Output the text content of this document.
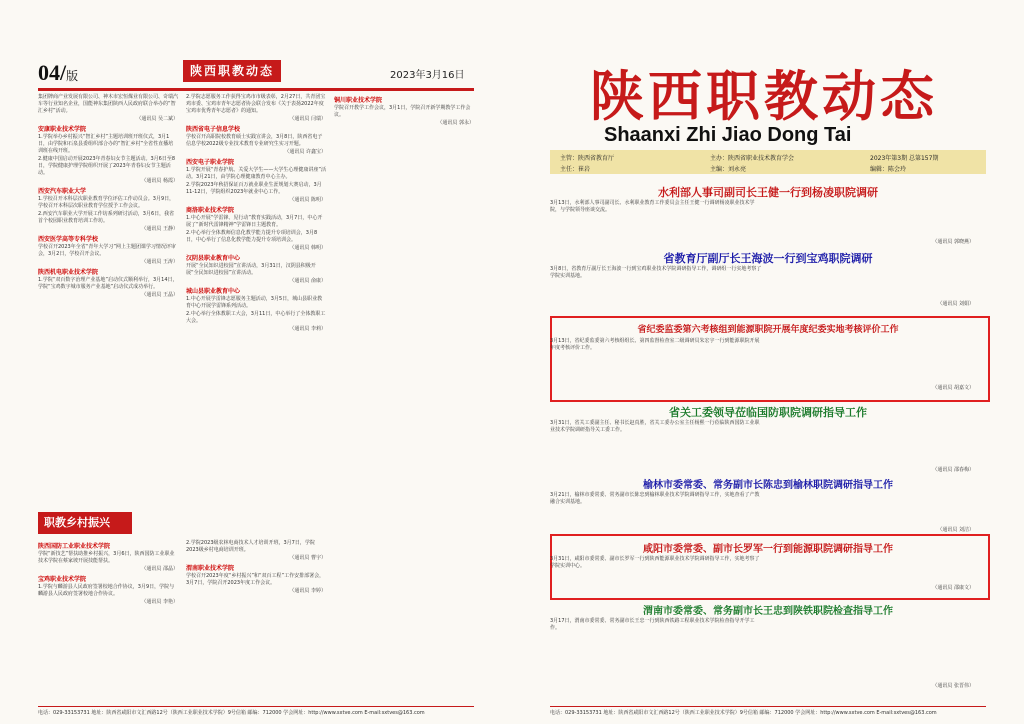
04/版	陕西职教动态	2023年3月16日
集团牌商产业发展有限公司、神木市宏恒煤业有限公司、奇瑞汽车等行业知名企业，国能神东集团陕西人民政府联合举办的“智汇乡村”活动。
（通讯员 吴二斌）
安康职业技术学院
1.学院举办乡村振兴“智汇乡村”主题培训班开班仪式，3月1日，由学院和石泉县委组织部合办的“智汇乡村”全省性直播培训班在线开班。
2.健康中国启动开展2023年青春妇女节主题活动。3月6日至8日，学院健康护理学院组织开展了2023年青春妇女节主题活动。
（通讯员 杨霞）
西安汽车职业大学
1.学校召开本科层次职业教育学位评估工作动员会。3月9日，学校召开本科层次职业教育学位授予工作会议。
2.西安汽车职业大学开展工作坊系列研讨活动，3月6日，我省首个校园职业教育培训工作坊。
（通讯员 王静）
西安医学高等专科学校
学校召开2023年全省“青年大学习”网上主题团课学习情况评审会，3月2日，学校召开会议。
（通讯员 王涛）
陕西机电职业技术学院
1.学院“双百数字治理产业基地”启动仪式顺利举行，3月14日，学院“宝鸡数字城市服务产业基地”启动仪式成功举行。
（通讯员 王晶）
2.学院志愿服务工作获得宝鸡市市级表彰，2月27日，共青团宝鸡市委、宝鸡市青年志愿者协会联合发布《关于表扬2022年度宝鸡市优秀青年志愿者》的通知。
（通讯员 闫瑞）
陕西省电子信息学校
学校召开高职院校教育硕士实践宣讲会，3月8日，陕西省电子信息学校2022级专业技术教育专业研究生实习开题。
（通讯员 许鑫宝）
西安电子职业学院
1.学院开展“青春护航、关爱大学生——大学生心理健康讲座”活动。3月21日，由学院心理健康教育中心主办。
2.学院2023年秋招保证百万就业职业生涯规划大赛启动，3月11-12日，学院组织2023年就业中心工作。
（通讯员 陈明）
商洛职业技术学院
1.中心开展“学雷锋、见行动”教育实践活动，3月7日，中心开展了“新时代雷锋精神”学雷锋日主题教育。
2.中心举行全体教师信息化教学能力提升专项培训会，3月8日，中心举行了信息化教学能力提升专项培训会。
（通讯员 韩明）
汉阴县职业教育中心
开展“全民知识进校园”宣讲活动，3月31日，汉阴县积极开展“全民知识进校园”宣讲活动。
（通讯员 俞康）
城山县职业教育中心
1.中心开展学雷锋志愿服务主题活动，3月5日，城山县职业教育中心开展学雷锋系列活动。
2.中心举行全体教职工大会，3月11日，中心举行了全体教职工大会。
（通讯员 李莉）
铜川职业技术学院
学院召开教学工作会议，3月1日，学院召开新学期教学工作会议。
（通讯员 郭永）
职教乡村振兴
陕西国防工业职业技术学院
学院“新技艺”帮扶助推乡村振兴，3月6日，陕西国防工业职业技术学院在蔡家坡开展技能帮扶。
（通讯员 邵晶）
宝鸡职业技术学院
1.学院与麟游县人民政府签署校地合作协议，3月9日，学院与麟游县人民政府签署校地合作协议。
（通讯员 李艳）
2.学院2023级农林电商技术人才培训开班，3月7日，学院2023级乡村电商培训开班。
（通讯员 曹宇）
渭南职业技术学院
学校召开2023年度“乡村振兴”和“双百工程”工作安排部署会，3月7日，学院召开2023年度工作会议。
（通讯员 李婷）
电话：029-33153731 地址：陕西省咸阳市文汇西路12号（陕西工业职业技术学院）9号信箱 邮编：712000 学会网址：http://www.sxtve.com E-mail:sxtves@163.com
陕西职教动态
Shaanxi Zhi Jiao Dong Tai
主管：陕西省教育厅	主办：陕西省职业技术教育学会	2023年第3期 总第157期
主任：崔岩	主编：刘永亮	编辑：陈会玲
水利部人事司副司长王健一行到杨凌职院调研
3月13日，水利部人事司副司长、水利职业教育工作委员会主任王健一行调研杨凌职业技术学院，与学院领导座谈交流。
（通讯员 郭晓燕）
省教育厅副厅长王海波一行到宝鸡职院调研
3月8日，省教育厅副厅长王海波一行到宝鸡职业技术学院调研指导工作，调研组一行实地考察了学院实训基地。
（通讯员 刘娟）
省纪委监委第六考核组到能源职院开展年度纪委实地考核评价工作
3月13日，省纪委监委第六考核组组长、第四监督检查室二级调研员朱宏宇一行到能源职院开展年度考核评价工作。
（通讯员 胡嘉文）
省关工委领导莅临国防职院调研指导工作
3月31日，省关工委副主任、秘书长赵真胜，省关工委办公室主任杨熙一行莅临陕西国防工业职业技术学院调研指导关工委工作。
（通讯员 邵春梅）
榆林市委常委、常务副市长陈忠到榆林职院调研指导工作
3月21日，榆林市委常委、常务副市长陈忠到榆林职业技术学院调研指导工作，实地查看了产教融合实训基地。
（通讯员 刘洁）
咸阳市委常委、副市长罗军一行到能源职院调研指导工作
3月31日，咸阳市委常委、副市长罗军一行到陕西能源职业技术学院调研指导工作，实地考察了学院实训中心。
（通讯员 邵康文）
渭南市委常委、常务副市长王忠到陕铁职院检查指导工作
3月17日，渭南市委常委、常务副市长王忠一行到陕西铁路工程职业技术学院检查指导开学工作。
（通讯员 张晋伟）
电话：029-33153731 地址：陕西省咸阳市文汇西路12号（陕西工业职业技术学院）9号信箱 邮编：712000 学会网址：http://www.sxtve.com E-mail:sxtves@163.com
